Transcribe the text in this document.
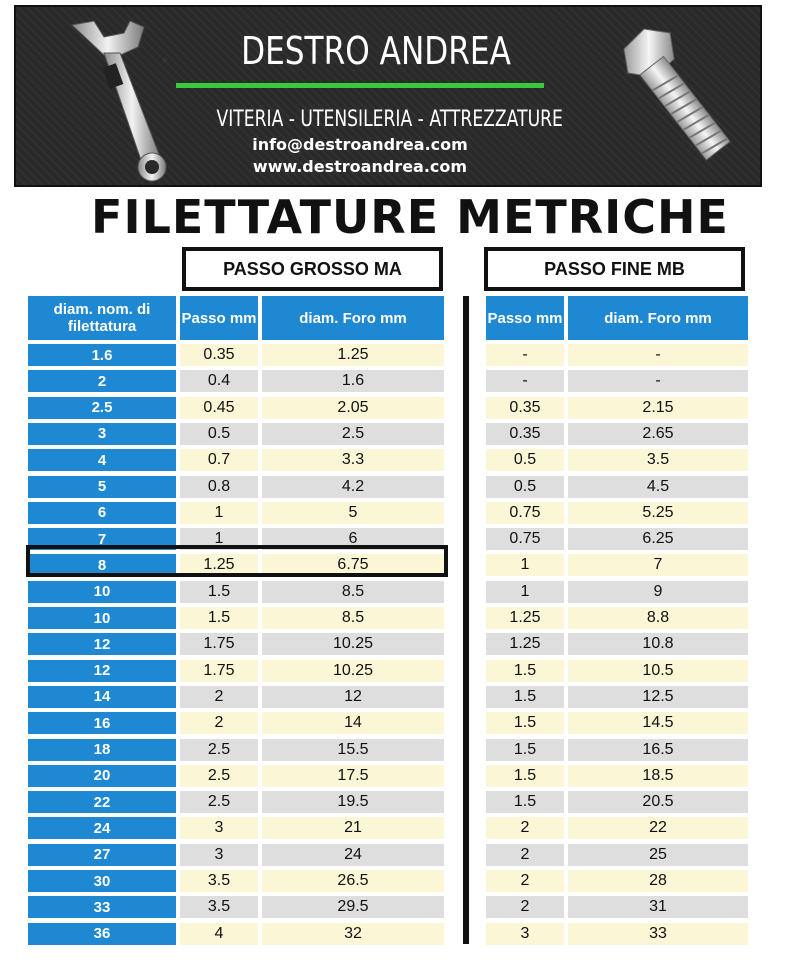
DESTRO ANDREA
VITERIA - UTENSILERIA - ATTREZZATURE
info@destroandrea.com
www.destroandrea.com
FILETTATURE METRICHE
PASSO GROSSO MA	PASSO FINE MB
diam. nom. di filettatura	Passo mm	diam. Foro mm	Passo mm	diam. Foro mm
1.6	0.35	1.25	-	-
2	0.4	1.6	-	-
2.5	0.45	2.05	0.35	2.15
3	0.5	2.5	0.35	2.65
4	0.7	3.3	0.5	3.5
5	0.8	4.2	0.5	4.5
6	1	5	0.75	5.25
7	1	6	0.75	6.25
8	1.25	6.75	1	7
10	1.5	8.5	1	9
10	1.5	8.5	1.25	8.8
12	1.75	10.25	1.25	10.8
12	1.75	10.25	1.5	10.5
14	2	12	1.5	12.5
16	2	14	1.5	14.5
18	2.5	15.5	1.5	16.5
20	2.5	17.5	1.5	18.5
22	2.5	19.5	1.5	20.5
24	3	21	2	22
27	3	24	2	25
30	3.5	26.5	2	28
33	3.5	29.5	2	31
36	4	32	3	33
